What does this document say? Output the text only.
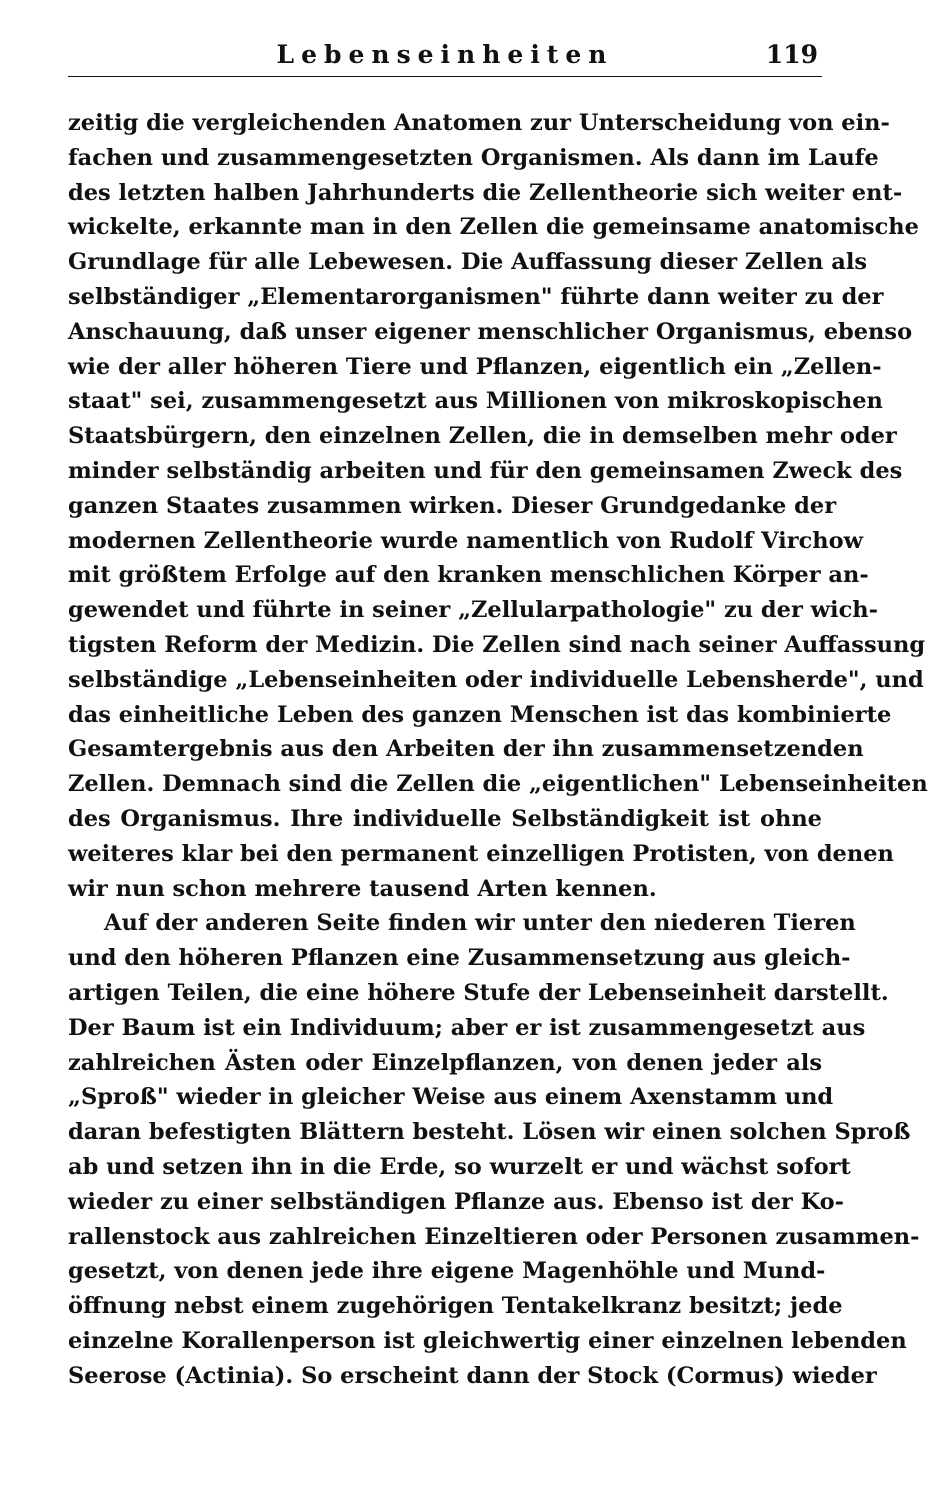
Lebenseinheiten	119

zeitig die vergleichenden Anatomen zur Unterscheidung von ein-
fachen und zusammengesetzten Organismen. Als dann im Laufe
des letzten halben Jahrhunderts die Zellentheorie sich weiter ent-
wickelte, erkannte man in den Zellen die gemeinsame anatomische
Grundlage für alle Lebewesen. Die Auffassung dieser Zellen als
selbständiger „Elementarorganismen" führte dann weiter zu der
Anschauung, daß unser eigener menschlicher Organismus, ebenso
wie der aller höheren Tiere und Pflanzen, eigentlich ein „Zellen-
staat" sei, zusammengesetzt aus Millionen von mikroskopischen
Staatsbürgern, den einzelnen Zellen, die in demselben mehr oder
minder selbständig arbeiten und für den gemeinsamen Zweck des
ganzen Staates zusammen wirken. Dieser Grundgedanke der
modernen Zellentheorie wurde namentlich von Rudolf Virchow
mit größtem Erfolge auf den kranken menschlichen Körper an-
gewendet und führte in seiner „Zellularpathologie" zu der wich-
tigsten Reform der Medizin. Die Zellen sind nach seiner Auffassung
selbständige „Lebenseinheiten oder individuelle Lebensherde", und
das einheitliche Leben des ganzen Menschen ist das kombinierte
Gesamtergebnis aus den Arbeiten der ihn zusammensetzenden
Zellen. Demnach sind die Zellen die „eigentlichen" Lebenseinheiten
des Organismus. Ihre individuelle Selbständigkeit ist ohne
weiteres klar bei den permanent einzelligen Protisten, von denen
wir nun schon mehrere tausend Arten kennen.

Auf der anderen Seite finden wir unter den niederen Tieren
und den höheren Pflanzen eine Zusammensetzung aus gleich-
artigen Teilen, die eine höhere Stufe der Lebenseinheit darstellt.
Der Baum ist ein Individuum; aber er ist zusammengesetzt aus
zahlreichen Ästen oder Einzelpflanzen, von denen jeder als
„Sproß" wieder in gleicher Weise aus einem Axenstamm und
daran befestigten Blättern besteht. Lösen wir einen solchen Sproß
ab und setzen ihn in die Erde, so wurzelt er und wächst sofort
wieder zu einer selbständigen Pflanze aus. Ebenso ist der Ko-
rallenstock aus zahlreichen Einzeltieren oder Personen zusammen-
gesetzt, von denen jede ihre eigene Magenhöhle und Mund-
öffnung nebst einem zugehörigen Tentakelkranz besitzt; jede
einzelne Korallenperson ist gleichwertig einer einzelnen lebenden
Seerose (Actinia). So erscheint dann der Stock (Cormus) wieder
